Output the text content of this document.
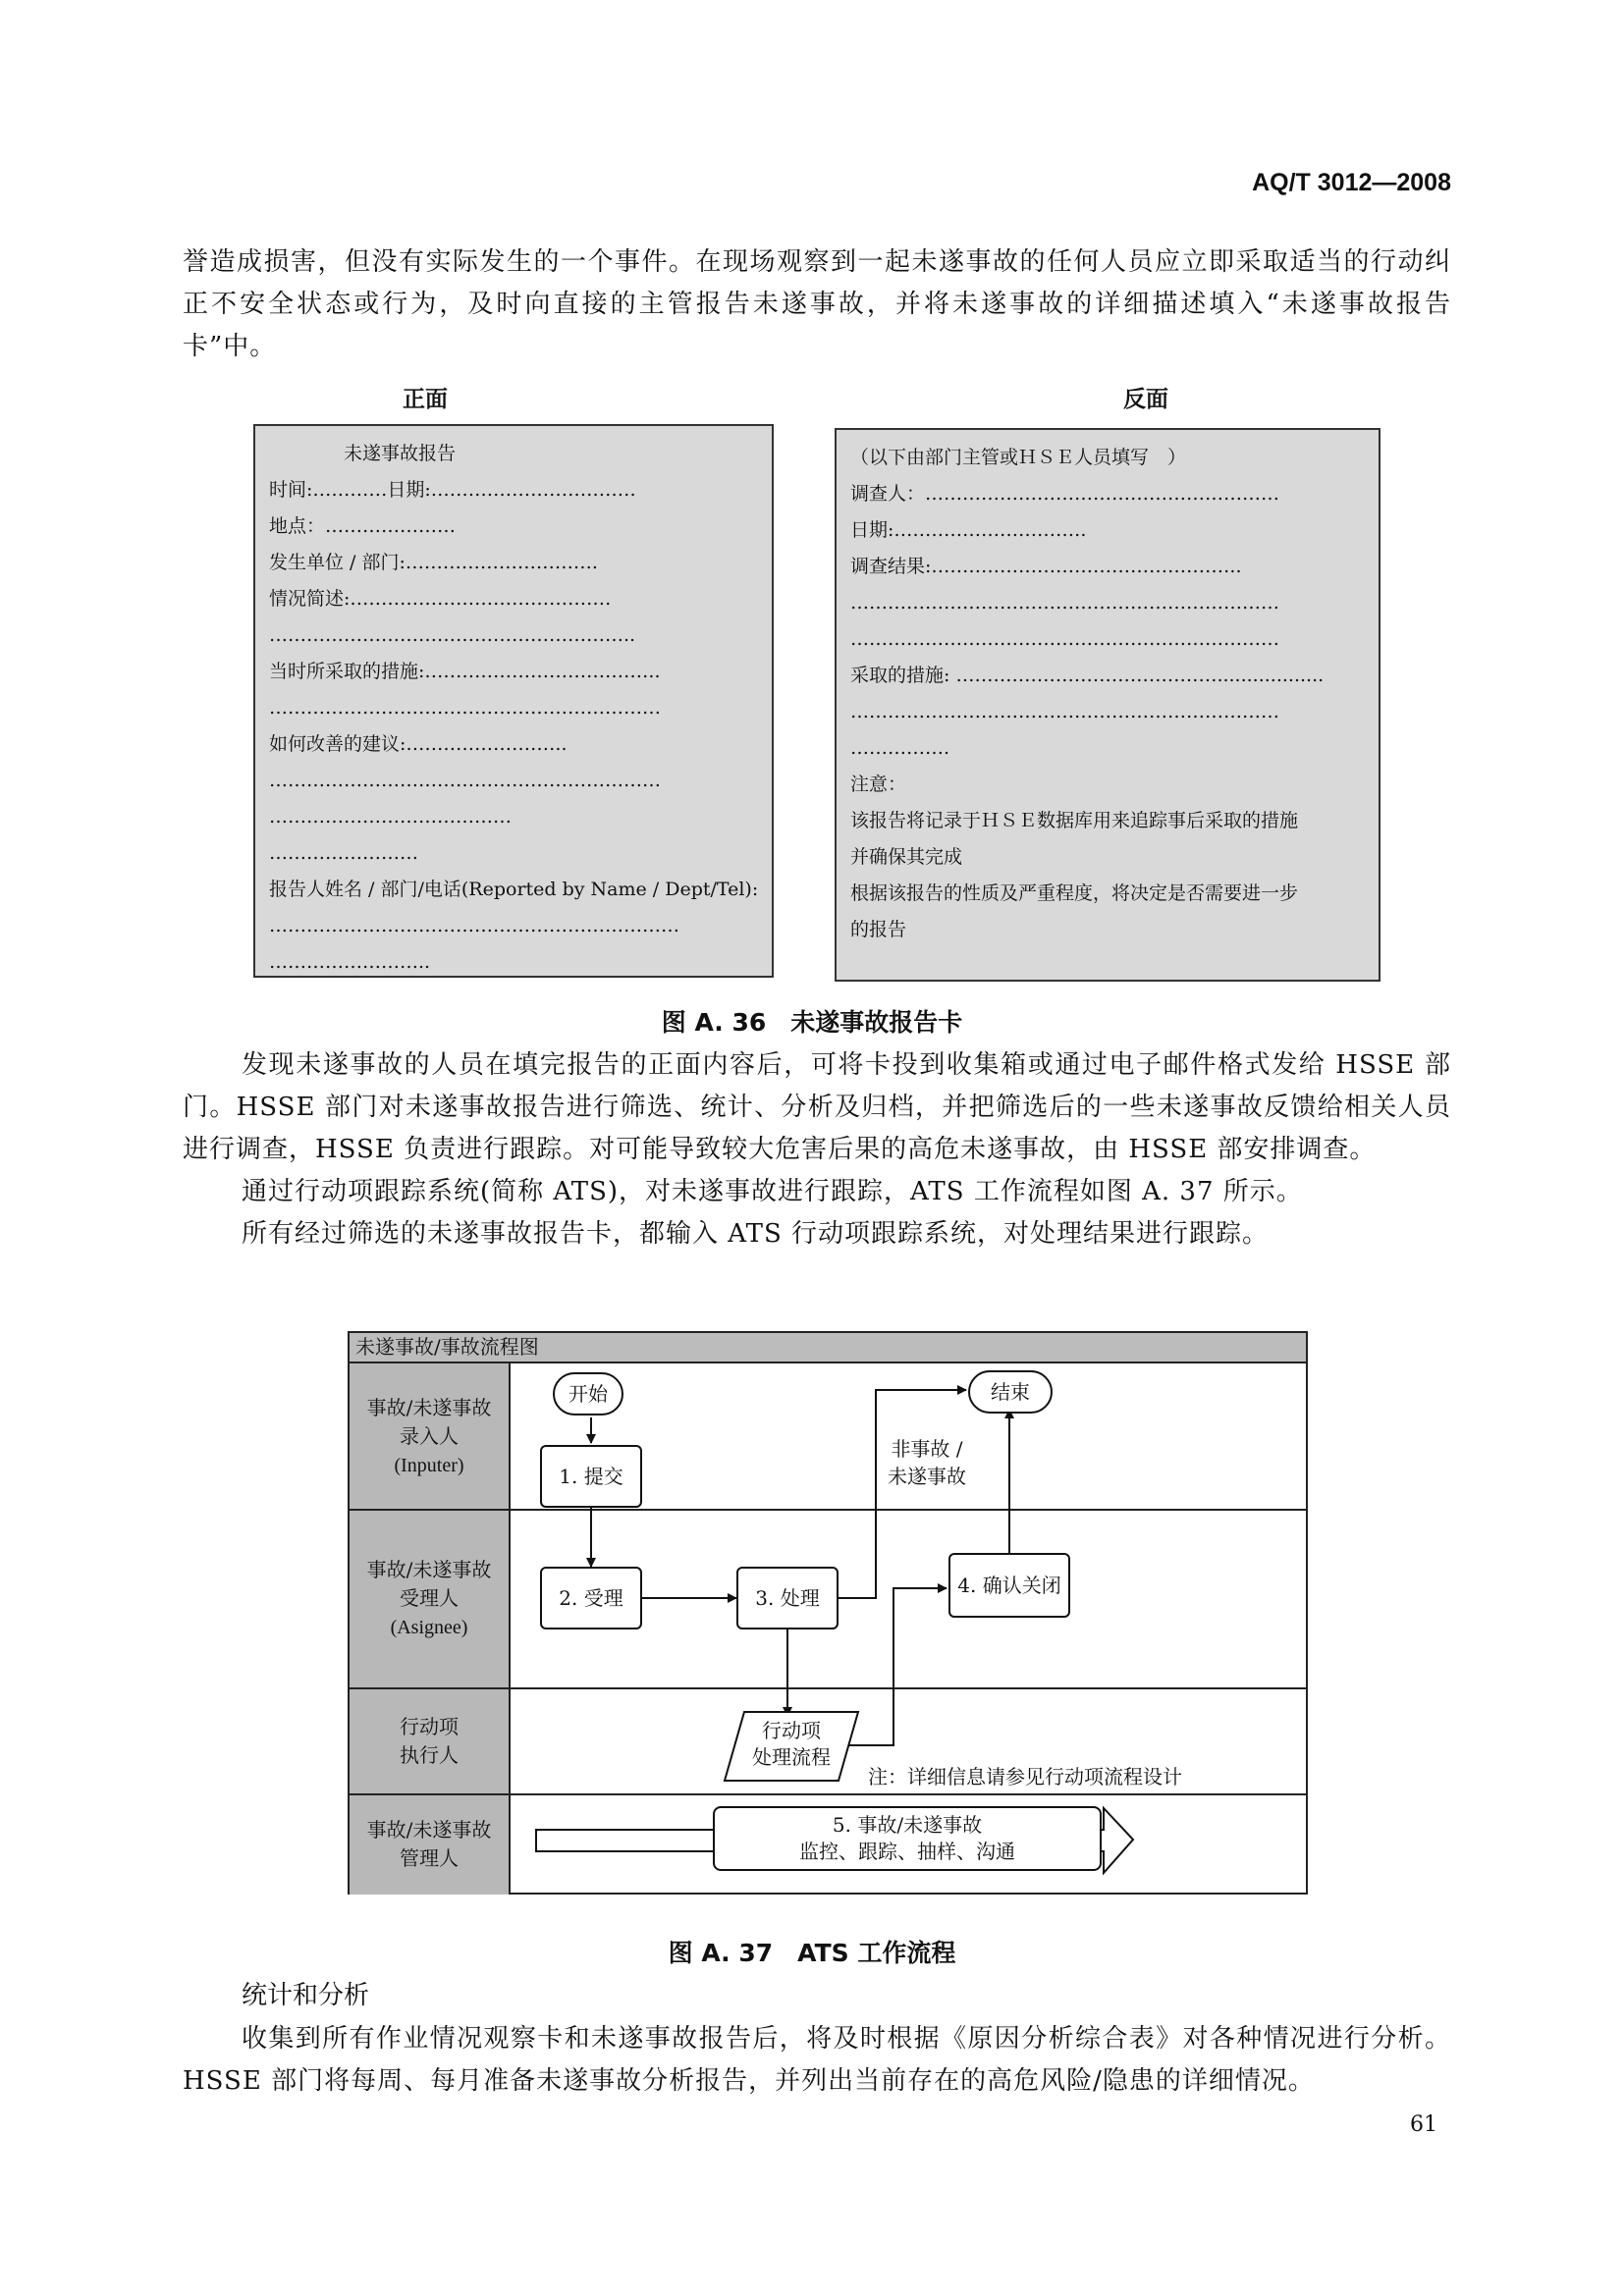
AQ/T 3012—2008

誉造成损害，但没有实际发生的一个事件。在现场观察到一起未遂事故的任何人员应立即采取适当的行动纠正不安全状态或行为，及时向直接的主管报告未遂事故，并将未遂事故的详细描述填入“未遂事故报告卡”中。

正面	反面
　　　　未遂事故报告
时间:…………日期:……………………………
地点：…………………
发生单位 / 部门:………………………….
情况简述:……………………………………
…………………………………………………..
当时所采取的措施:………………………………..
………………………………………………………
如何改善的建议:……………………..
………………………………………………………
…………………………………
……………………
报告人姓名 / 部门/电话(Reported by Name / Dept/Tel):
…………………………………………………………
……………………..
（以下由部门主管或ＨＳＥ人员填写　）
调查人：…………………………………………………
日期:………………………….
调查结果:…………………………………………..
……………………………………………………………
……………………………………………………………
采取的措施: ……………………………………..................
……………………………………………………………
…………….
注意：
该报告将记录于ＨＳＥ数据库用来追踪事后采取的措施
并确保其完成
根据该报告的性质及严重程度，将决定是否需要进一步
的报告
图 A. 36　未遂事故报告卡

发现未遂事故的人员在填完报告的正面内容后，可将卡投到收集箱或通过电子邮件格式发给 HSSE 部门。HSSE 部门对未遂事故报告进行筛选、统计、分析及归档，并把筛选后的一些未遂事故反馈给相关人员进行调查，HSSE 负责进行跟踪。对可能导致较大危害后果的高危未遂事故，由 HSSE 部安排调查。

通过行动项跟踪系统(简称 ATS)，对未遂事故进行跟踪，ATS 工作流程如图 A. 37 所示。

所有经过筛选的未遂事故报告卡，都输入 ATS 行动项跟踪系统，对处理结果进行跟踪。

未遂事故/事故流程图
事故/未遂事故
录入人
(Inputer)
事故/未遂事故
受理人
(Asignee)
行动项
执行人
事故/未遂事故
管理人
开始	结束
1. 提交
2. 受理	3. 处理
4. 确认关闭
行动项
处理流程
非事故 /
未遂事故
注：详细信息请参见行动项流程设计
5. 事故/未遂事故
监控、跟踪、抽样、沟通
图 A. 37　ATS 工作流程
统计和分析

收集到所有作业情况观察卡和未遂事故报告后，将及时根据《原因分析综合表》对各种情况进行分析。HSSE 部门将每周、每月准备未遂事故分析报告，并列出当前存在的高危风险/隐患的详细情况。

61
